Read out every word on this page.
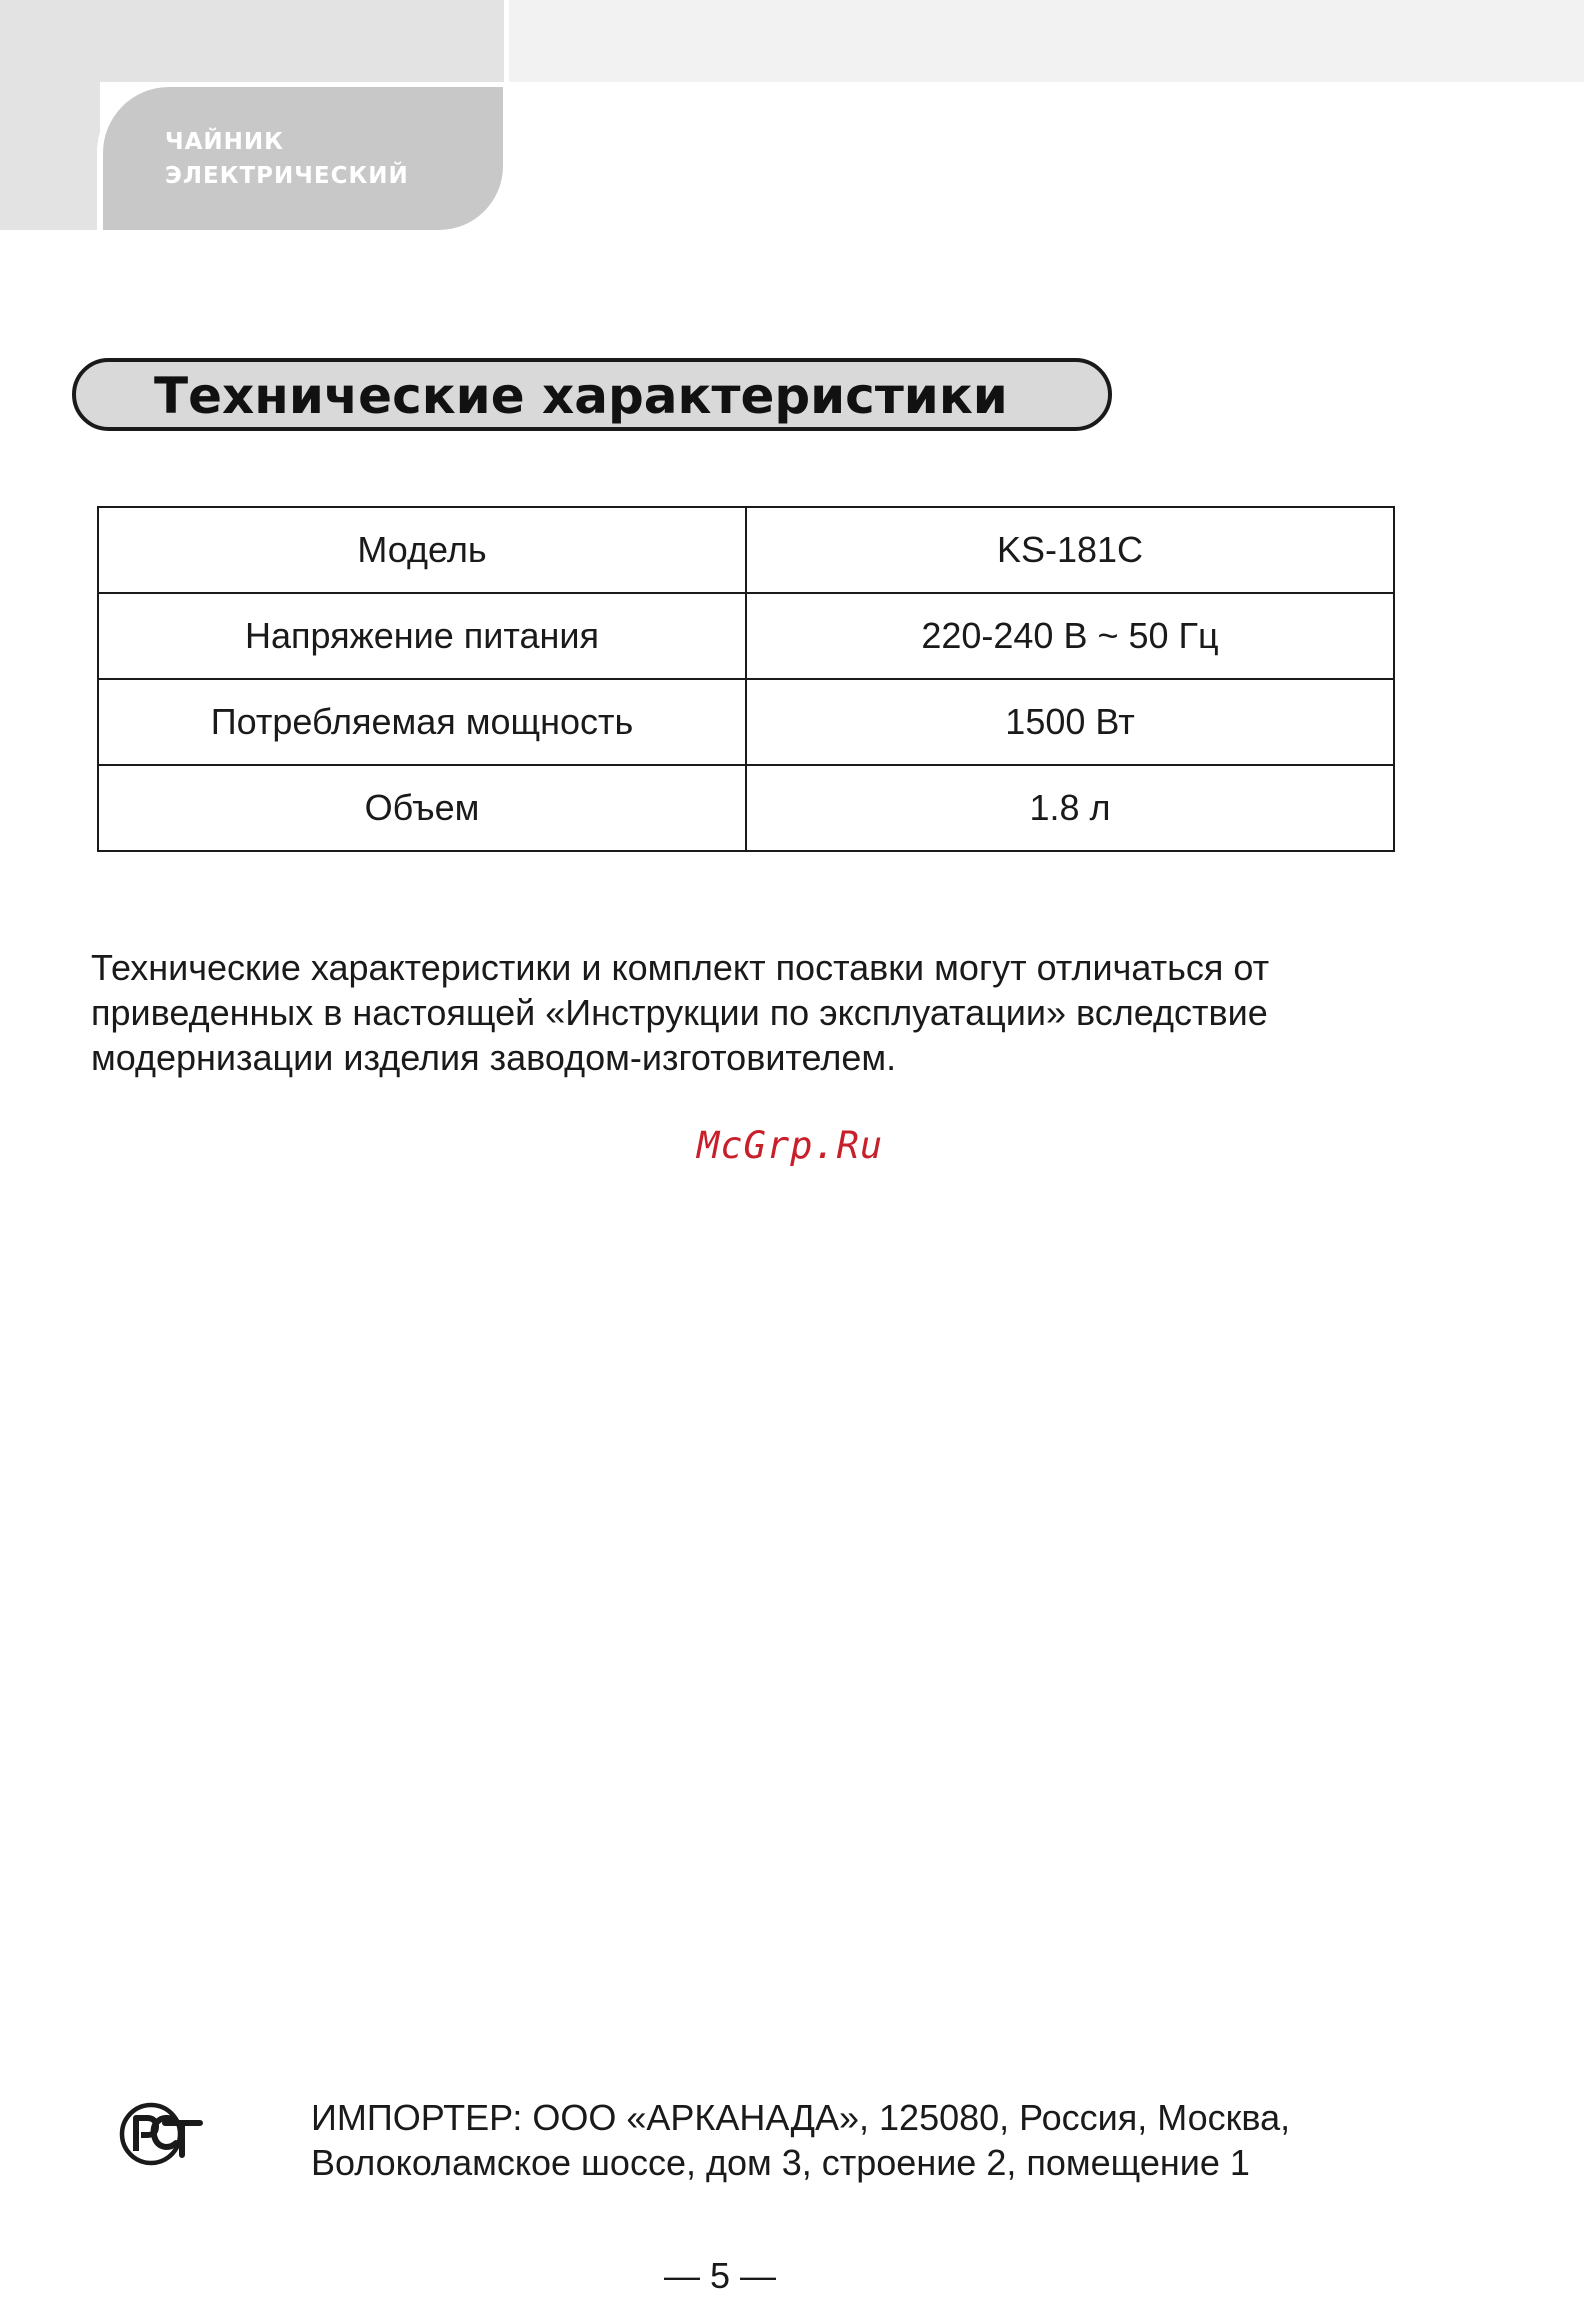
ЧАЙНИК
ЭЛЕКТРИЧЕСКИЙ
Технические характеристики
Модель	KS-181C
Напряжение питания	220-240 В ~ 50 Гц
Потребляемая мощность	1500 Вт
Объем	1.8 л
Технические характеристики и комплект поставки могут отличаться от
приведенных в настоящей «Инструкции по эксплуатации» вследствие
модернизации изделия заводом-изготовителем.
McGrp.Ru
ИМПОРТЕР: ООО «АРКАНАДА», 125080, Россия, Москва,
Волоколамское шоссе, дом 3, строение 2, помещение 1
— 5 —
